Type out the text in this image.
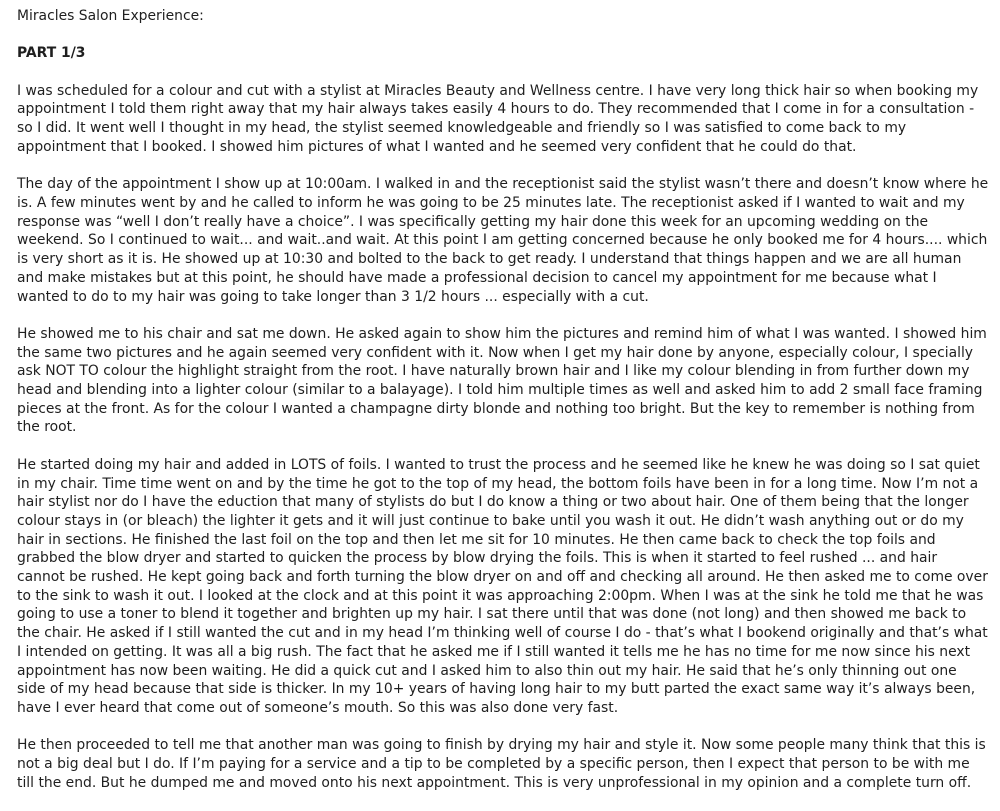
Miracles Salon Experience:

PART 1/3

I was scheduled for a colour and cut with a stylist at Miracles Beauty and Wellness centre. I have very long thick hair so when booking my appointment I told them right away that my hair always takes easily 4 hours to do. They recommended that I come in for a consultation - so I did. It went well I thought in my head, the stylist seemed knowledgeable and friendly so I was satisfied to come back to my appointment that I booked. I showed him pictures of what I wanted and he seemed very confident that he could do that.

The day of the appointment I show up at 10:00am. I walked in and the receptionist said the stylist wasn’t there and doesn’t know where he is. A few minutes went by and he called to inform he was going to be 25 minutes late. The receptionist asked if I wanted to wait and my response was “well I don’t really have a choice”. I was specifically getting my hair done this week for an upcoming wedding on the weekend. So I continued to wait... and wait..and wait. At this point I am getting concerned because he only booked me for 4 hours.... which is very short as it is. He showed up at 10:30 and bolted to the back to get ready. I understand that things happen and we are all human and make mistakes but at this point, he should have made a professional decision to cancel my appointment for me because what I wanted to do to my hair was going to take longer than 3 1/2 hours ... especially with a cut.

He showed me to his chair and sat me down. He asked again to show him the pictures and remind him of what I was wanted. I showed him the same two pictures and he again seemed very confident with it. Now when I get my hair done by anyone, especially colour, I specially ask NOT TO colour the highlight straight from the root. I have naturally brown hair and I like my colour blending in from further down my head and blending into a lighter colour (similar to a balayage). I told him multiple times as well and asked him to add 2 small face framing pieces at the front. As for the colour I wanted a champagne dirty blonde and nothing too bright. But the key to remember is nothing from the root.

He started doing my hair and added in LOTS of foils. I wanted to trust the process and he seemed like he knew he was doing so I sat quiet in my chair. Time time went on and by the time he got to the top of my head, the bottom foils have been in for a long time. Now I’m not a hair stylist nor do I have the eduction that many of stylists do but I do know a thing or two about hair. One of them being that the longer colour stays in (or bleach) the lighter it gets and it will just continue to bake until you wash it out. He didn’t wash anything out or do my hair in sections. He finished the last foil on the top and then let me sit for 10 minutes. He then came back to check the top foils and grabbed the blow dryer and started to quicken the process by blow drying the foils. This is when it started to feel rushed ... and hair cannot be rushed. He kept going back and forth turning the blow dryer on and off and checking all around. He then asked me to come over to the sink to wash it out. I looked at the clock and at this point it was approaching 2:00pm. When I was at the sink he told me that he was going to use a toner to blend it together and brighten up my hair. I sat there until that was done (not long) and then showed me back to the chair. He asked if I still wanted the cut and in my head I’m thinking well of course I do - that’s what I bookend originally and that’s what I intended on getting. It was all a big rush. The fact that he asked me if I still wanted it tells me he has no time for me now since his next appointment has now been waiting. He did a quick cut and I asked him to also thin out my hair. He said that he’s only thinning out one side of my head because that side is thicker. In my 10+ years of having long hair to my butt parted the exact same way it’s always been, have I ever heard that come out of someone’s mouth. So this was also done very fast.

He then proceeded to tell me that another man was going to finish by drying my hair and style it. Now some people many think that this is not a big deal but I do. If I’m paying for a service and a tip to be completed by a specific person, then I expect that person to be with me till the end. But he dumped me and moved onto his next appointment. This is very unprofessional in my opinion and a complete turn off.
